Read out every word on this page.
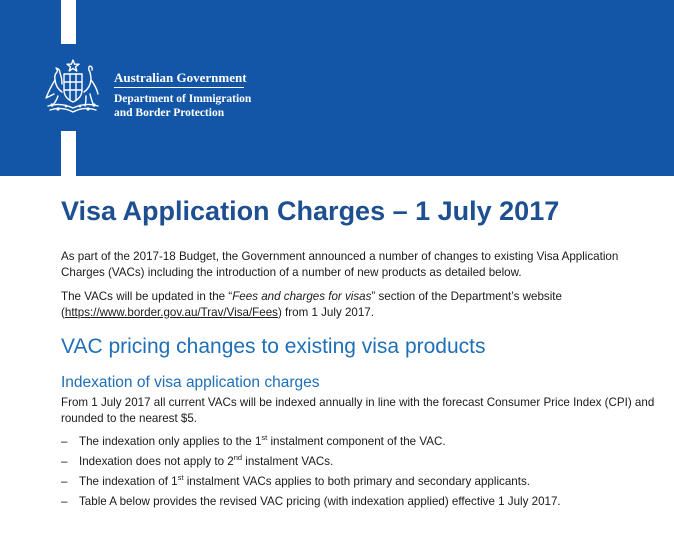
Australian Government
Department of Immigration
and Border Protection
Visa Application Charges – 1 July 2017

As part of the 2017-18 Budget, the Government announced a number of changes to existing Visa Application Charges (VACs) including the introduction of a number of new products as detailed below.

The VACs will be updated in the “Fees and charges for visas” section of the Department’s website (https://www.border.gov.au/Trav/Visa/Fees) from 1 July 2017.

VAC pricing changes to existing visa products
Indexation of visa application charges

From 1 July 2017 all current VACs will be indexed annually in line with the forecast Consumer Price Index (CPI) and rounded to the nearest $5.

– The indexation only applies to the 1st instalment component of the VAC.
– Indexation does not apply to 2nd instalment VACs.
– The indexation of 1st instalment VACs applies to both primary and secondary applicants.
– Table A below provides the revised VAC pricing (with indexation applied) effective 1 July 2017.
